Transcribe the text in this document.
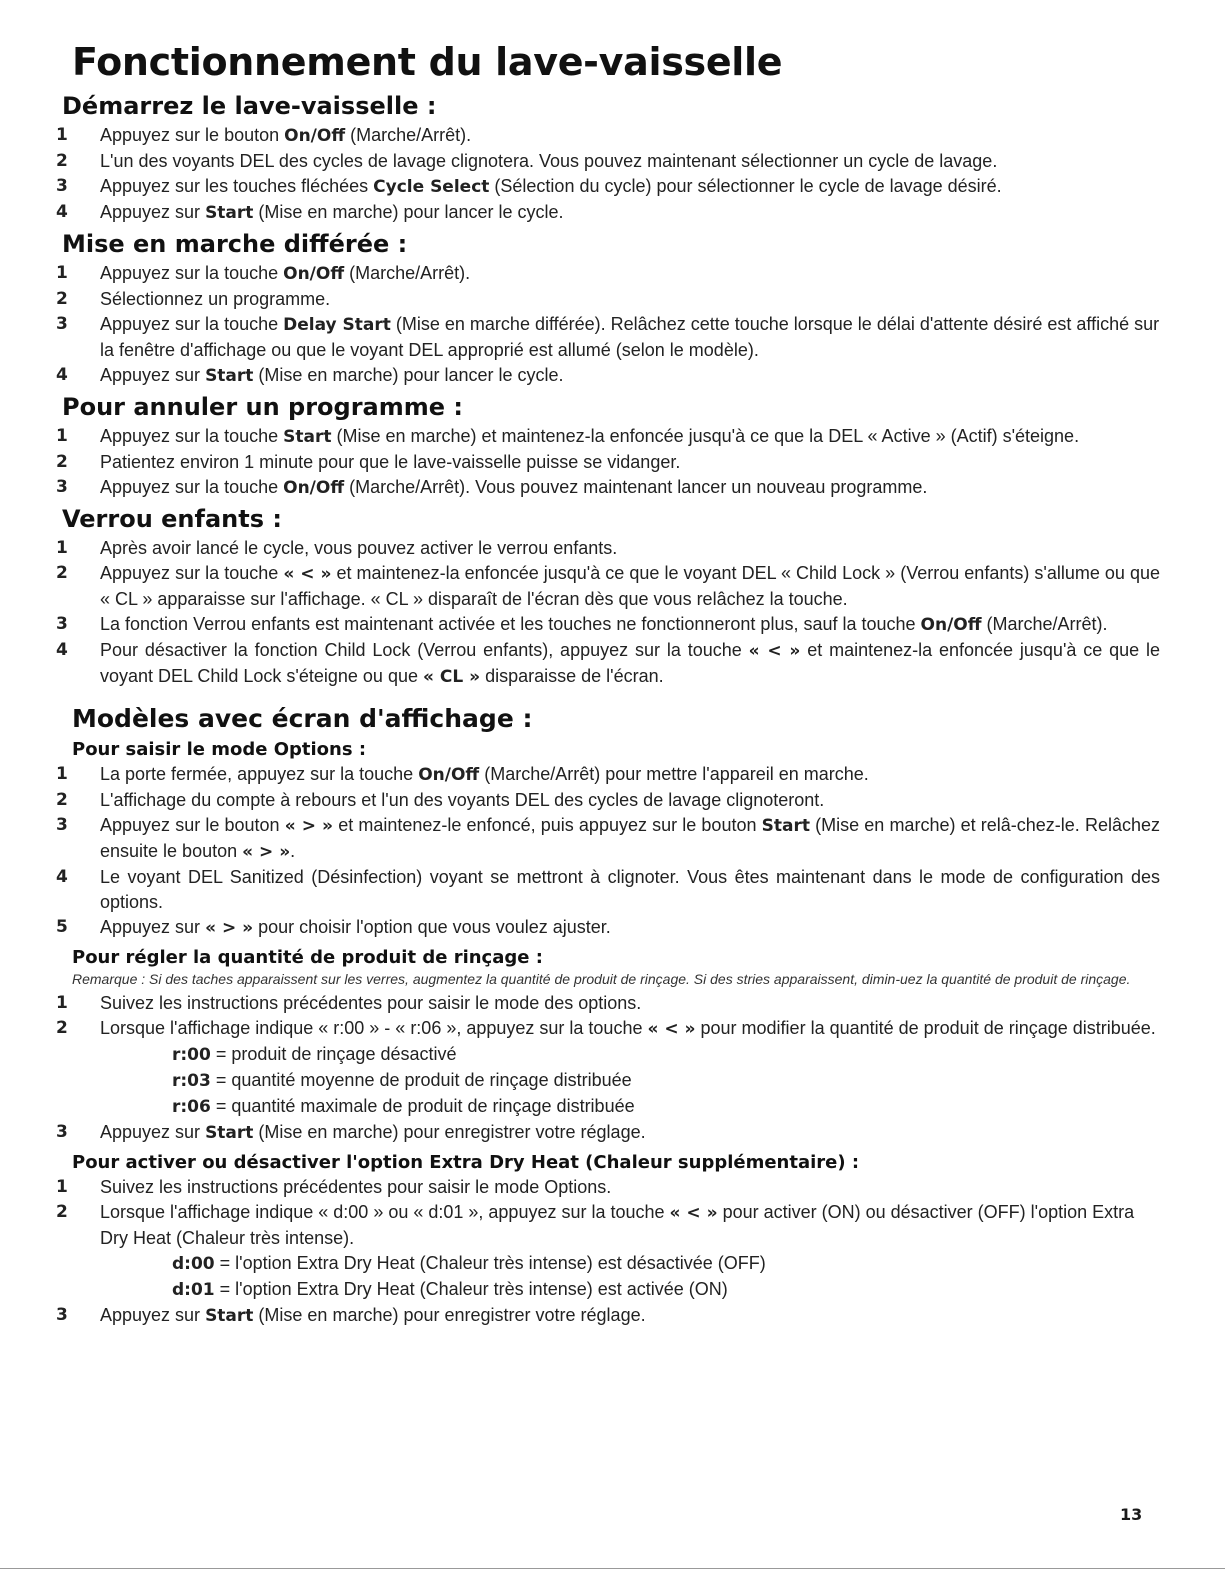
Fonctionnement du lave-vaisselle
Démarrez le lave-vaisselle :
1 Appuyez sur le bouton On/Off (Marche/Arrêt).
2 L'un des voyants DEL des cycles de lavage clignotera. Vous pouvez maintenant sélectionner un cycle de lavage.
3 Appuyez sur les touches fléchées Cycle Select (Sélection du cycle) pour sélectionner le cycle de lavage désiré.
4 Appuyez sur Start (Mise en marche) pour lancer le cycle.
Mise en marche différée :
1 Appuyez sur la touche On/Off (Marche/Arrêt).
2 Sélectionnez un programme.
3 Appuyez sur la touche Delay Start (Mise en marche différée). Relâchez cette touche lorsque le délai d'attente désiré est affiché sur la fenêtre d'affichage ou que le voyant DEL approprié est allumé (selon le modèle).
4 Appuyez sur Start (Mise en marche) pour lancer le cycle.
Pour annuler un programme :
1 Appuyez sur la touche Start (Mise en marche) et maintenez-la enfoncée jusqu'à ce que la DEL « Active » (Actif) s'éteigne.
2 Patientez environ 1 minute pour que le lave-vaisselle puisse se vidanger.
3 Appuyez sur la touche On/Off (Marche/Arrêt). Vous pouvez maintenant lancer un nouveau programme.
Verrou enfants :
1 Après avoir lancé le cycle, vous pouvez activer le verrou enfants.
2 Appuyez sur la touche « < » et maintenez-la enfoncée jusqu'à ce que le voyant DEL « Child Lock » (Verrou enfants) s'allume ou que « CL » apparaisse sur l'affichage. « CL » disparaît de l'écran dès que vous relâchez la touche.
3 La fonction Verrou enfants est maintenant activée et les touches ne fonctionneront plus, sauf la touche On/Off (Marche/Arrêt).
4 Pour désactiver la fonction Child Lock (Verrou enfants), appuyez sur la touche « < » et maintenez-la enfoncée jusqu'à ce que le voyant DEL Child Lock s'éteigne ou que « CL » disparaisse de l'écran.
Modèles avec écran d'affichage :
Pour saisir le mode Options :
1 La porte fermée, appuyez sur la touche On/Off (Marche/Arrêt) pour mettre l'appareil en marche.
2 L'affichage du compte à rebours et l'un des voyants DEL des cycles de lavage clignoteront.
3 Appuyez sur le bouton « > » et maintenez-le enfoncé, puis appuyez sur le bouton Start (Mise en marche) et relâ-chez-le. Relâchez ensuite le bouton « > ».
4 Le voyant DEL Sanitized (Désinfection) voyant se mettront à clignoter. Vous êtes maintenant dans le mode de configuration des options.
5 Appuyez sur « > » pour choisir l'option que vous voulez ajuster.
Pour régler la quantité de produit de rinçage :
Remarque : Si des taches apparaissent sur les verres, augmentez la quantité de produit de rinçage. Si des stries apparaissent, dimin-uez la quantité de produit de rinçage.
1 Suivez les instructions précédentes pour saisir le mode des options.
2 Lorsque l'affichage indique « r:00 » - « r:06 », appuyez sur la touche « < » pour modifier la quantité de produit de rinçage distribuée.
r:00 = produit de rinçage désactivé
r:03 = quantité moyenne de produit de rinçage distribuée
r:06 = quantité maximale de produit de rinçage distribuée
3 Appuyez sur Start (Mise en marche) pour enregistrer votre réglage.
Pour activer ou désactiver l'option Extra Dry Heat (Chaleur supplémentaire) :
1 Suivez les instructions précédentes pour saisir le mode Options.
2 Lorsque l'affichage indique « d:00 » ou « d:01 », appuyez sur la touche « < » pour activer (ON) ou désactiver (OFF) l'option Extra Dry Heat (Chaleur très intense).
d:00 = l'option Extra Dry Heat (Chaleur très intense) est désactivée (OFF)
d:01 = l'option Extra Dry Heat (Chaleur très intense) est activée (ON)
3 Appuyez sur Start (Mise en marche) pour enregistrer votre réglage.
13
